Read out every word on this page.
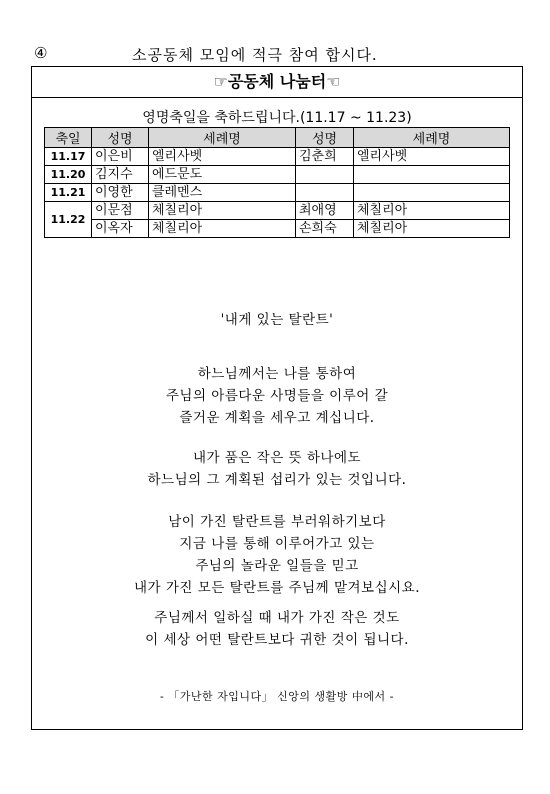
④	소공동체 모임에 적극 참여 합시다.
☞공동체 나눔터☜
영명축일을 축하드립니다.(11.17 ~ 11.23)
축일	성명	세례명	성명	세례명
11.17	이은비	엘리사벳	김춘희	엘리사벳
11.20	김지수	에드문도		
11.21	이영한	클레멘스		
11.22	이문점	체칠리아	최애영	체칠리아
	이옥자	체칠리아	손희숙	체칠리아
'내게 있는 탈란트'
하느님께서는 나를 통하여
주님의 아름다운 사명들을 이루어 갈
즐거운 계획을 세우고 계십니다.
내가 품은 작은 뜻 하나에도
하느님의 그 계획된 섭리가 있는 것입니다.
남이 가진 탈란트를 부러워하기보다
지금 나를 통해 이루어가고 있는
주님의 놀라운 일들을 믿고
내가 가진 모든 탈란트를 주님께 맡겨보십시요.
주님께서 일하실 때 내가 가진 작은 것도
이 세상 어떤 탈란트보다 귀한 것이 됩니다.
- 「가난한 자입니다」 신앙의 생활방 中에서 -
